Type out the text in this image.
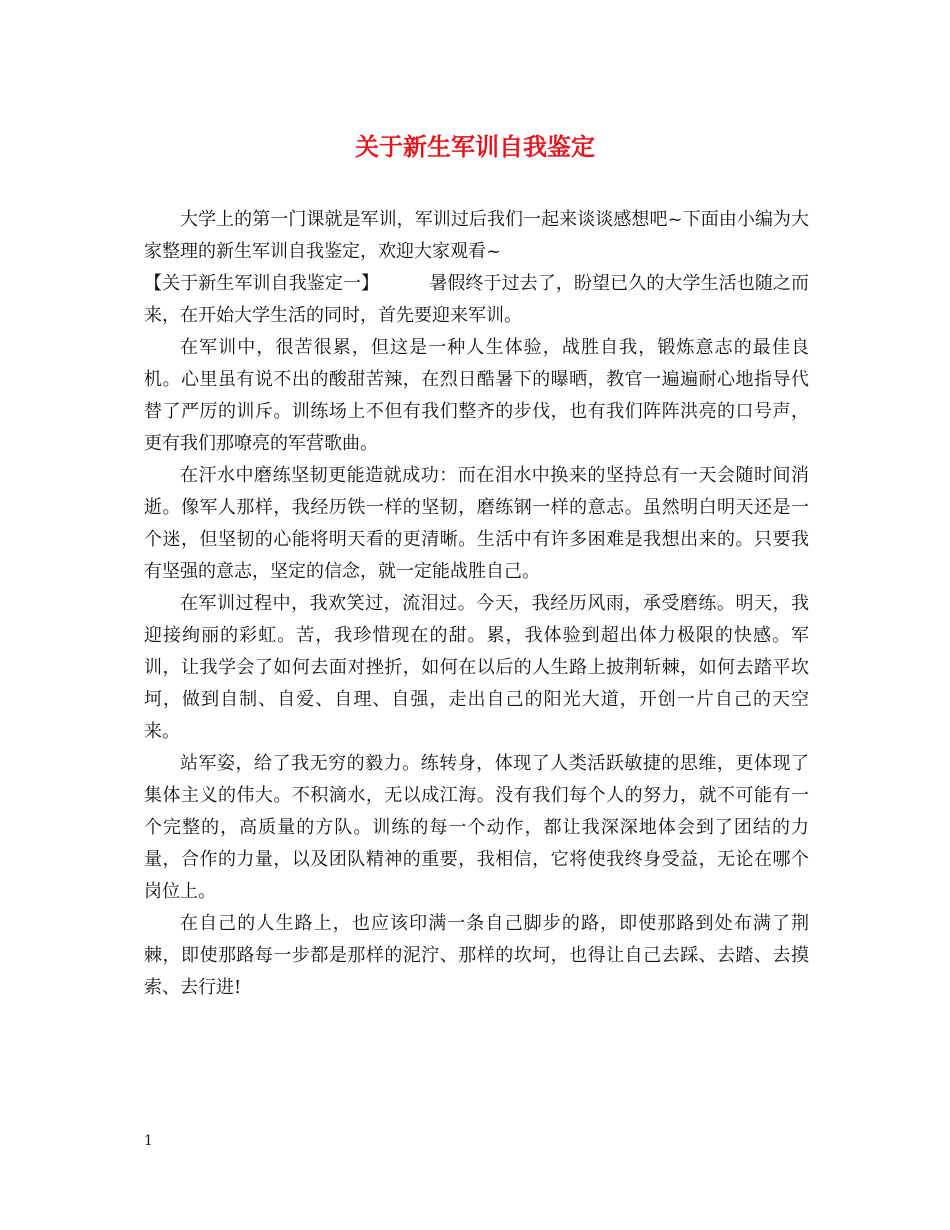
关于新生军训自我鉴定

大学上的第一门课就是军训，军训过后我们一起来谈谈感想吧~下面由小编为大家整理的新生军训自我鉴定，欢迎大家观看~

【关于新生军训自我鉴定一】	暑假终于过去了，盼望已久的大学生活也随之而来，在开始大学生活的同时，首先要迎来军训。

在军训中，很苦很累，但这是一种人生体验，战胜自我，锻炼意志的最佳良机。心里虽有说不出的酸甜苦辣，在烈日酷暑下的曝晒，教官一遍遍耐心地指导代替了严厉的训斥。训练场上不但有我们整齐的步伐，也有我们阵阵洪亮的口号声，更有我们那嘹亮的军营歌曲。

在汗水中磨练坚韧更能造就成功：而在泪水中换来的坚持总有一天会随时间消逝。像军人那样，我经历铁一样的坚韧，磨练钢一样的意志。虽然明白明天还是一个迷，但坚韧的心能将明天看的更清晰。生活中有许多困难是我想出来的。只要我有坚强的意志，坚定的信念，就一定能战胜自己。

在军训过程中，我欢笑过，流泪过。今天，我经历风雨，承受磨练。明天，我迎接绚丽的彩虹。苦，我珍惜现在的甜。累，我体验到超出体力极限的快感。军训，让我学会了如何去面对挫折，如何在以后的人生路上披荆斩棘，如何去踏平坎坷，做到自制、自爱、自理、自强，走出自己的阳光大道，开创一片自己的天空来。

站军姿，给了我无穷的毅力。练转身，体现了人类活跃敏捷的思维，更体现了集体主义的伟大。不积滴水，无以成江海。没有我们每个人的努力，就不可能有一个完整的，高质量的方队。训练的每一个动作，都让我深深地体会到了团结的力量，合作的力量，以及团队精神的重要，我相信，它将使我终身受益，无论在哪个岗位上。

在自己的人生路上，也应该印满一条自己脚步的路，即使那路到处布满了荆棘，即使那路每一步都是那样的泥泞、那样的坎坷，也得让自己去踩、去踏、去摸索、去行进!

1
